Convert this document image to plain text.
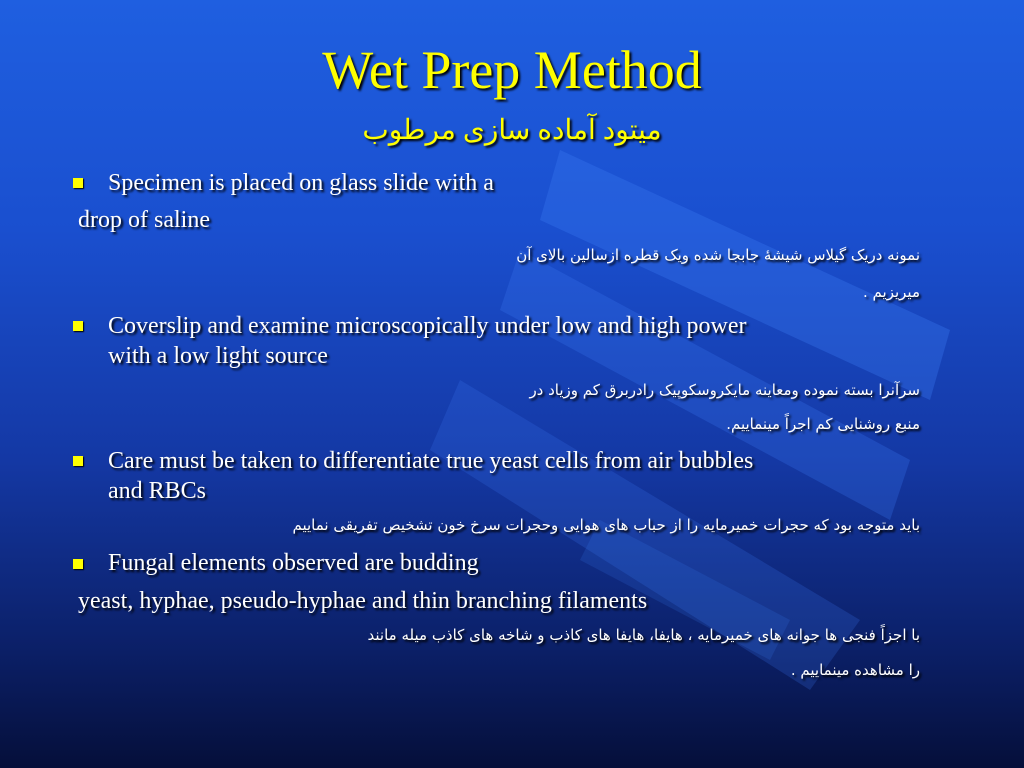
Wet Prep Method
میتود آماده سازی مرطوب
Specimen is placed on glass slide with a
drop of saline
نمونه دریک گیلاس شیشهٔ جابجا شده ویک قطره ازسالین بالای آن
میریزیم .
Coverslip and examine microscopically under low and high power
with a low light source
سرآنرا بسته نموده ومعاینه مایکروسکوپیک رادربرق کم وزیاد در
منبع روشنایی کم اجراً مینماییم.
Care must be taken to differentiate true yeast cells from air bubbles
and RBCs
باید متوجه بود که حجرات خمیرمایه را از حباب های هوایی وحجرات سرخ خون تشخیص تفریقی نماییم
Fungal elements observed are budding
yeast, hyphae, pseudo-hyphae and thin branching filaments
با اجزاً فنجی ها جوانه های خمیرمایه ، هایفا، هایفا های کاذب و شاخه های کاذب میله مانند
را مشاهده مینماییم .
